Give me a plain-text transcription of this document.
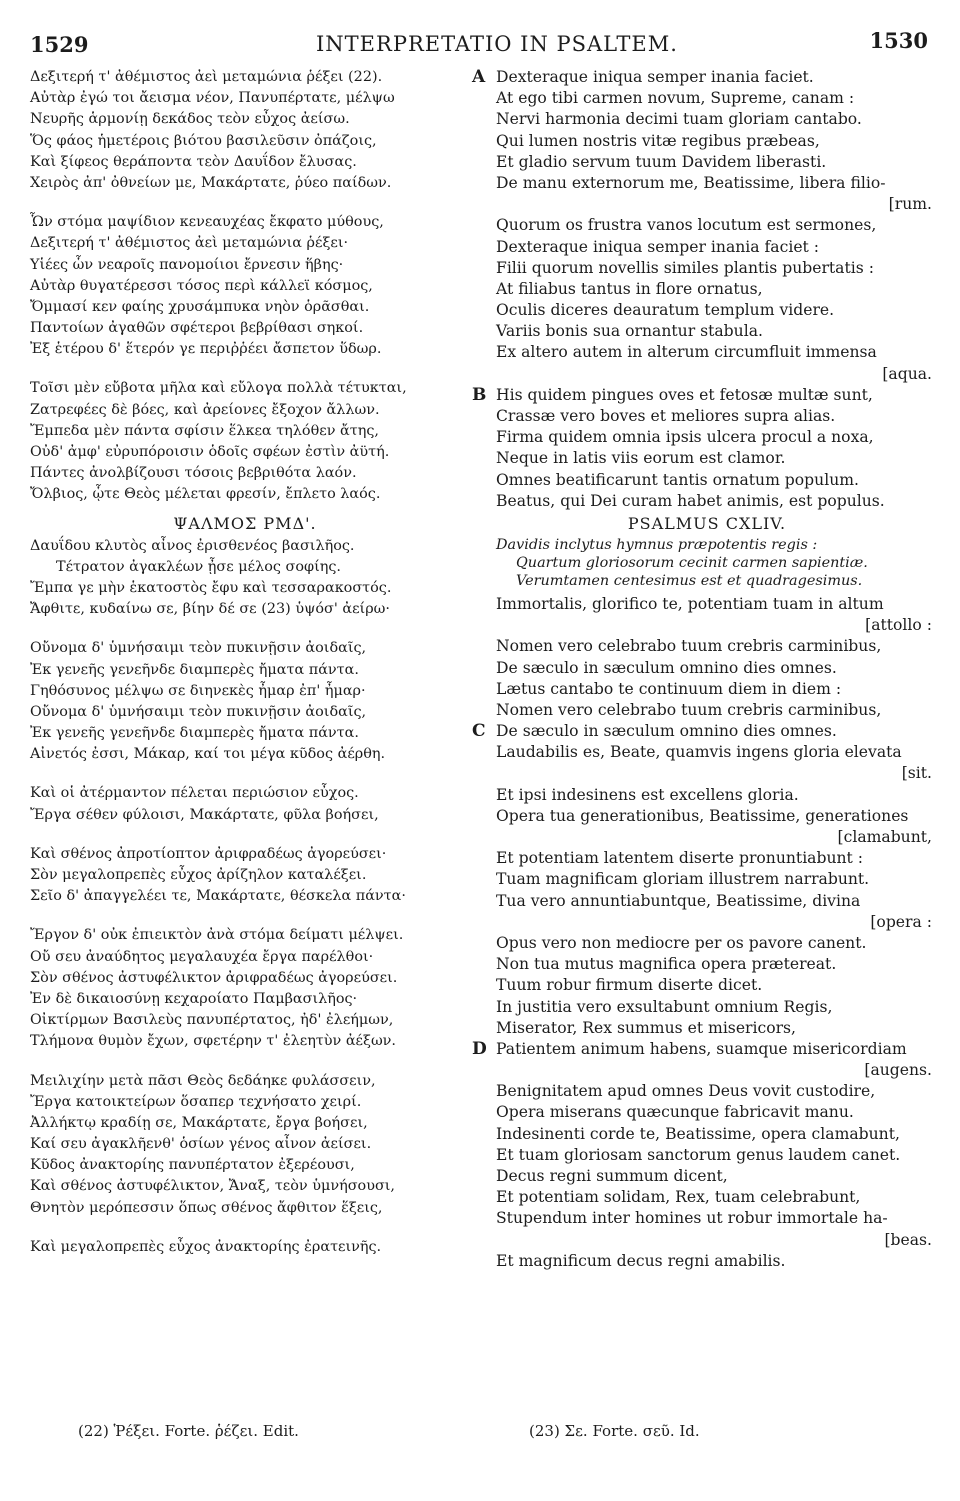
1529	INTERPRETATIO IN PSALTEM.	1530
Δεξιτερή τ' ἀθέμιστος ἀεὶ μεταμώνια ῥέξει (22).
Αὐτὰρ ἐγώ τοι ἄεισμα νέον, Πανυπέρτατε, μέλψω
Νευρῆς ἁρμονίῃ δεκάδος τεὸν εὖχος ἀείσω.
Ὅς φάος ἡμετέροις βιότου βασιλεῦσιν ὀπάζοις,
Καὶ ξίφεος θεράποντα τεὸν Δαυΐδον ἔλυσας.
Χειρὸς ἀπ' ὀθνείων με, Μακάρτατε, ῥύεο παίδων.
Ὧν στόμα μαψίδιον κενεαυχέας ἔκφατο μύθους,
Δεξιτερή τ' ἀθέμιστος ἀεὶ μεταμώνια ῥέξει·
Υἱέες ὧν νεαροῖς πανομοίιοι ἔρνεσιν ἥβης·
Αὐτὰρ θυγατέρεσσι τόσος περὶ κάλλεϊ κόσμος,
Ὄμμασί κεν φαίης χρυσάμπυκα νηὸν ὁρᾶσθαι.
Παντοίων ἀγαθῶν σφέτεροι βεβρίθασι σηκοί.
Ἐξ ἑτέρου δ' ἕτερόν γε περιῤῥέει ἄσπετον ὕδωρ.
Τοῖσι μὲν εὔβοτα μῆλα καὶ εὔλογα πολλὰ τέτυκται,
Ζατρεφέες δὲ βόες, καὶ ἀρείονες ἔξοχον ἄλλων.
Ἔμπεδα μὲν πάντα σφίσιν ἕλκεα τηλόθεν ἄτης,
Οὐδ' ἀμφ' εὐρυπόροισιν ὁδοῖς σφέων ἐστὶν ἀϋτή.
Πάντες ἀνολβίζουσι τόσοις βεβριθότα λαόν.
Ὄλβιος, ᾧτε Θεὸς μέλεται φρεσίν, ἔπλετο λαός.
ΨΑΛΜΟΣ ΡΜΔ'.
Δαυΐδου κλυτὸς αἶνος ἐρισθενέος βασιλῆος.
Τέτρατον ἀγακλέων ᾖσε μέλος σοφίης.
Ἔμπα γε μὴν ἑκατοστὸς ἔφυ καὶ τεσσαρακοστός.
Ἄφθιτε, κυδαίνω σε, βίην δέ σε (23) ὑψόσ' ἀείρω·
Οὔνομα δ' ὑμνήσαιμι τεὸν πυκινῇσιν ἀοιδαῖς,
Ἐκ γενεῆς γενεῆνδε διαμπερὲς ἤματα πάντα.
Γηθόσυνος μέλψω σε διηνεκὲς ἦμαρ ἐπ' ἦμαρ·
Οὔνομα δ' ὑμνήσαιμι τεὸν πυκινῇσιν ἀοιδαῖς,
Ἐκ γενεῆς γενεῆνδε διαμπερὲς ἤματα πάντα.
Αἰνετός ἐσσι, Μάκαρ, καί τοι μέγα κῦδος ἀέρθη.
Καὶ οἱ ἀτέρμαντον πέλεται περιώσιον εὖχος.
Ἔργα σέθεν φύλοισι, Μακάρτατε, φῦλα βοήσει,
Καὶ σθένος ἀπροτίοπτον ἀριφραδέως ἀγορεύσει·
Σὸν μεγαλοπρεπὲς εὖχος ἀρίζηλον καταλέξει.
Σεῖο δ' ἀπαγγελέει τε, Μακάρτατε, θέσκελα πάντα·
Ἔργον δ' οὐκ ἐπιεικτὸν ἀνὰ στόμα δείματι μέλψει.
Οὔ σευ ἀναύδητος μεγαλαυχέα ἔργα παρέλθοι·
Σὸν σθένος ἀστυφέλικτον ἀριφραδέως ἀγορεύσει.
Ἐν δὲ δικαιοσύνῃ κεχαροίατο Παμβασιλῆος·
Οἰκτίρμων Βασιλεὺς πανυπέρτατος, ἠδ' ἐλεήμων,
Τλήμονα θυμὸν ἔχων, σφετέρην τ' ἐλεητὺν ἀέξων.
Μειλιχίην μετὰ πᾶσι Θεὸς δεδάηκε φυλάσσειν,
Ἔργα κατοικτείρων ὅσαπερ τεχνήσατο χειρί.
Ἀλλήκτῳ κραδίῃ σε, Μακάρτατε, ἔργα βοήσει,
Καί σευ ἀγακλῆενθ' ὁσίων γένος αἶνον ἀείσει.
Κῦδος ἀνακτορίης πανυπέρτατον ἐξερέουσι,
Καὶ σθένος ἀστυφέλικτον, Ἄναξ, τεὸν ὑμνήσουσι,
Θνητὸν μερόπεσσιν ὅπως σθένος ἄφθιτον ἕξεις,
Καὶ μεγαλοπρεπὲς εὖχος ἀνακτορίης ἐρατεινῆς.
Dexteraque iniqua semper inania faciet.
A
At ego tibi carmen novum, Supreme, canam :
Nervi harmonia decimi tuam gloriam cantabo.
Qui lumen nostris vitæ regibus præbeas,
Et gladio servum tuum Davidem liberasti.
De manu externorum me, Beatissime, libera filio-
[rum.
Quorum os frustra vanos locutum est sermones,
Dexteraque iniqua semper inania faciet :
Filii quorum novellis similes plantis pubertatis :
At filiabus tantus in flore ornatus,
Oculis diceres deauratum templum videre.
Variis bonis sua ornantur stabula.
Ex altero autem in alterum circumfluit immensa
[aqua.
His quidem pingues oves et fetosæ multæ sunt,
B
Crassæ vero boves et meliores supra alias.
Firma quidem omnia ipsis ulcera procul a noxa,
Neque in latis viis eorum est clamor.
Omnes beatificarunt tantis ornatum populum.
Beatus, qui Dei curam habet animis, est populus.
PSALMUS CXLIV.
Davidis inclytus hymnus præpotentis regis :
Quartum gloriosorum cecinit carmen sapientiæ.
Verumtamen centesimus est et quadragesimus.
Immortalis, glorifico te, potentiam tuam in altum
[attollo :
Nomen vero celebrabo tuum crebris carminibus,
De sæculo in sæculum omnino dies omnes.
Lætus cantabo te continuum diem in diem :
Nomen vero celebrabo tuum crebris carminibus,
De sæculo in sæculum omnino dies omnes.
C
Laudabilis es, Beate, quamvis ingens gloria elevata
[sit.
Et ipsi indesinens est excellens gloria.
Opera tua generationibus, Beatissime, generationes
[clamabunt,
Et potentiam latentem diserte pronuntiabunt :
Tuam magnificam gloriam illustrem narrabunt.
Tua vero annuntiabuntque, Beatissime, divina
[opera :
Opus vero non mediocre per os pavore canent.
Non tua mutus magnifica opera prætereat.
Tuum robur firmum diserte dicet.
In justitia vero exsultabunt omnium Regis,
Miserator, Rex summus et misericors,
Patientem animum habens, suamque misericordiam
D
[augens.
Benignitatem apud omnes Deus vovit custodire,
Opera miserans quæcunque fabricavit manu.
Indesinenti corde te, Beatissime, opera clamabunt,
Et tuam gloriosam sanctorum genus laudem canet.
Decus regni summum dicent,
Et potentiam solidam, Rex, tuam celebrabunt,
Stupendum inter homines ut robur immortale ha-
[beas.
Et magnificum decus regni amabilis.
(22) Ῥέξει. Forte. ῥέζει. Edit.	(23) Σε. Forte. σεῦ. Id.
